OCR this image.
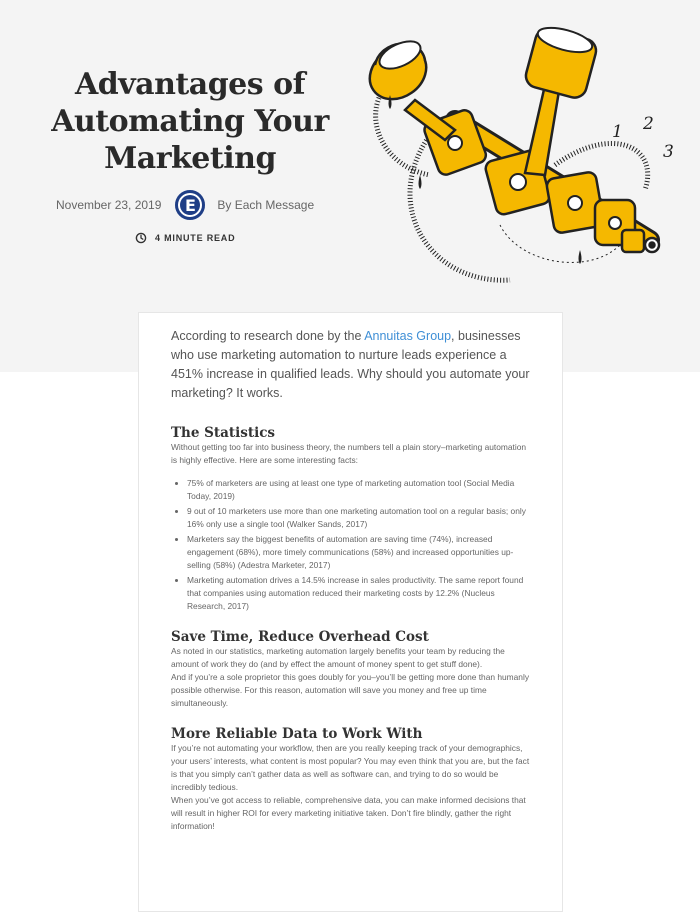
Advantages of Automating Your Marketing
November 23, 2019	E	By Each Message
4 MINUTE READ
1 2
3

According to research done by the Annuitas Group, businesses who use marketing automation to nurture leads experience a 451% increase in qualified leads. Why should you automate your marketing? It works.

The Statistics

Without getting too far into business theory, the numbers tell a plain story–marketing automation is highly effective. Here are some interesting facts:

• 75% of marketers are using at least one type of marketing automation tool (Social Media Today, 2019)
• 9 out of 10 marketers use more than one marketing automation tool on a regular basis; only 16% only use a single tool (Walker Sands, 2017)
• Marketers say the biggest benefits of automation are saving time (74%), increased engagement (68%), more timely communications (58%) and increased opportunities up-selling (58%) (Adestra Marketer, 2017)
• Marketing automation drives a 14.5% increase in sales productivity. The same report found that companies using automation reduced their marketing costs by 12.2% (Nucleus Research, 2017)
Save Time, Reduce Overhead Cost

As noted in our statistics, marketing automation largely benefits your team by reducing the amount of work they do (and by effect the amount of money spent to get stuff done).

And if you’re a sole proprietor this goes doubly for you–you’ll be getting more done than humanly possible otherwise. For this reason, automation will save you money and free up time simultaneously.

More Reliable Data to Work With

If you’re not automating your workflow, then are you really keeping track of your demographics, your users’ interests, what content is most popular? You may even think that you are, but the fact is that you simply can’t gather data as well as software can, and trying to do so would be incredibly tedious.

When you’ve got access to reliable, comprehensive data, you can make informed decisions that will result in higher ROI for every marketing initiative taken. Don’t fire blindly, gather the right information!
